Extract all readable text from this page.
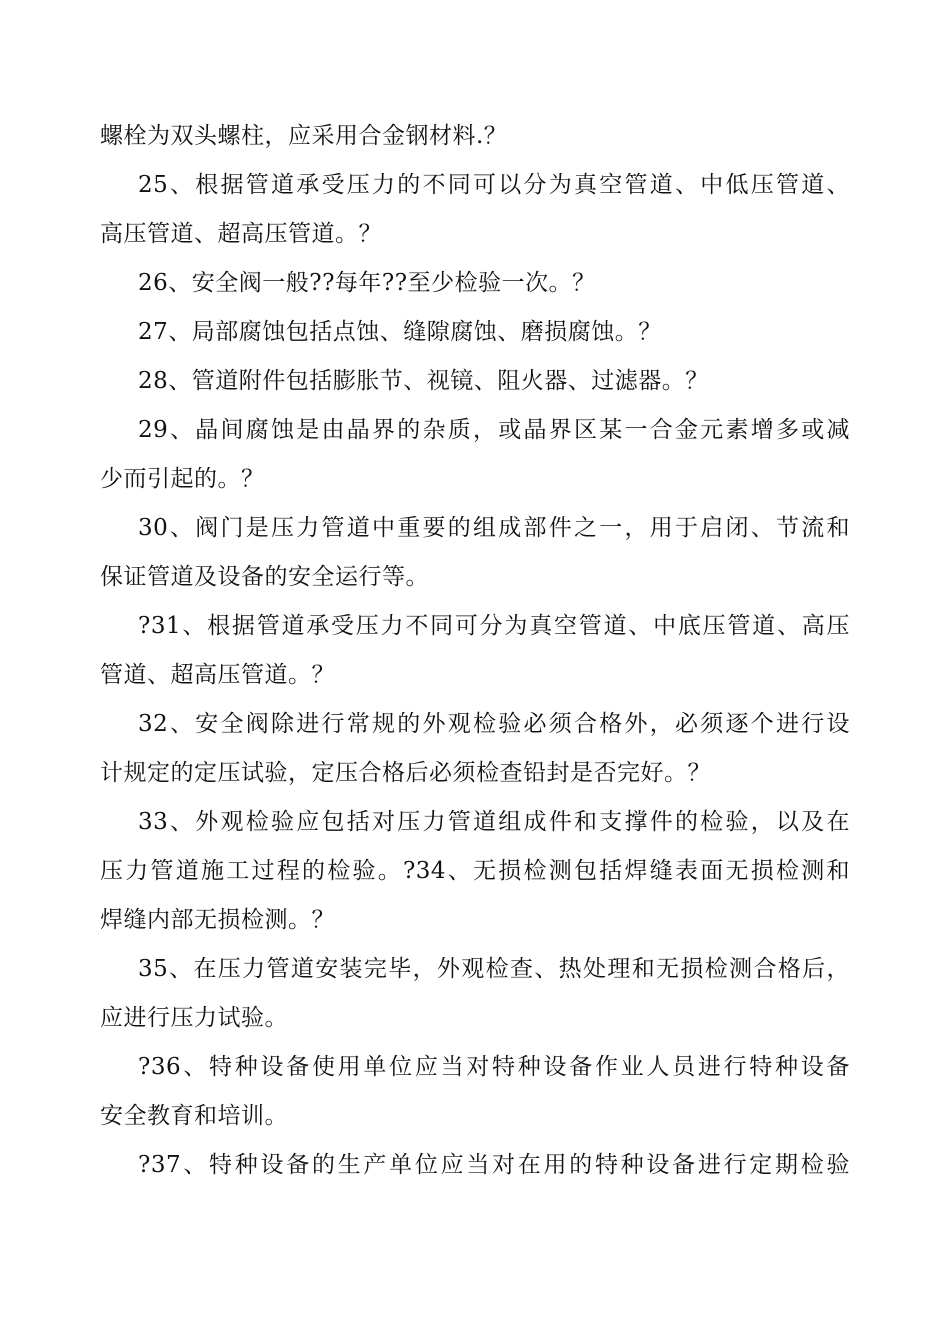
螺栓为双头螺柱，应采用合金钢材料.？
25、根据管道承受压力的不同可以分为真空管道、中低压管道、
高压管道、超高压管道。？
26、安全阀一般??每年??至少检验一次。？
27、局部腐蚀包括点蚀、缝隙腐蚀、磨损腐蚀。？
28、管道附件包括膨胀节、视镜、阻火器、过滤器。？
29、晶间腐蚀是由晶界的杂质，或晶界区某一合金元素增多或减
少而引起的。？
30、阀门是压力管道中重要的组成部件之一，用于启闭、节流和
保证管道及设备的安全运行等。
?31、根据管道承受压力不同可分为真空管道、中底压管道、高压
管道、超高压管道。？
32、安全阀除进行常规的外观检验必须合格外，必须逐个进行设
计规定的定压试验，定压合格后必须检查铅封是否完好。？
33、外观检验应包括对压力管道组成件和支撑件的检验，以及在
压力管道施工过程的检验。?34、无损检测包括焊缝表面无损检测和
焊缝内部无损检测。？
35、在压力管道安装完毕，外观检查、热处理和无损检测合格后，
应进行压力试验。
?36、特种设备使用单位应当对特种设备作业人员进行特种设备
安全教育和培训。
?37、特种设备的生产单位应当对在用的特种设备进行定期检验
